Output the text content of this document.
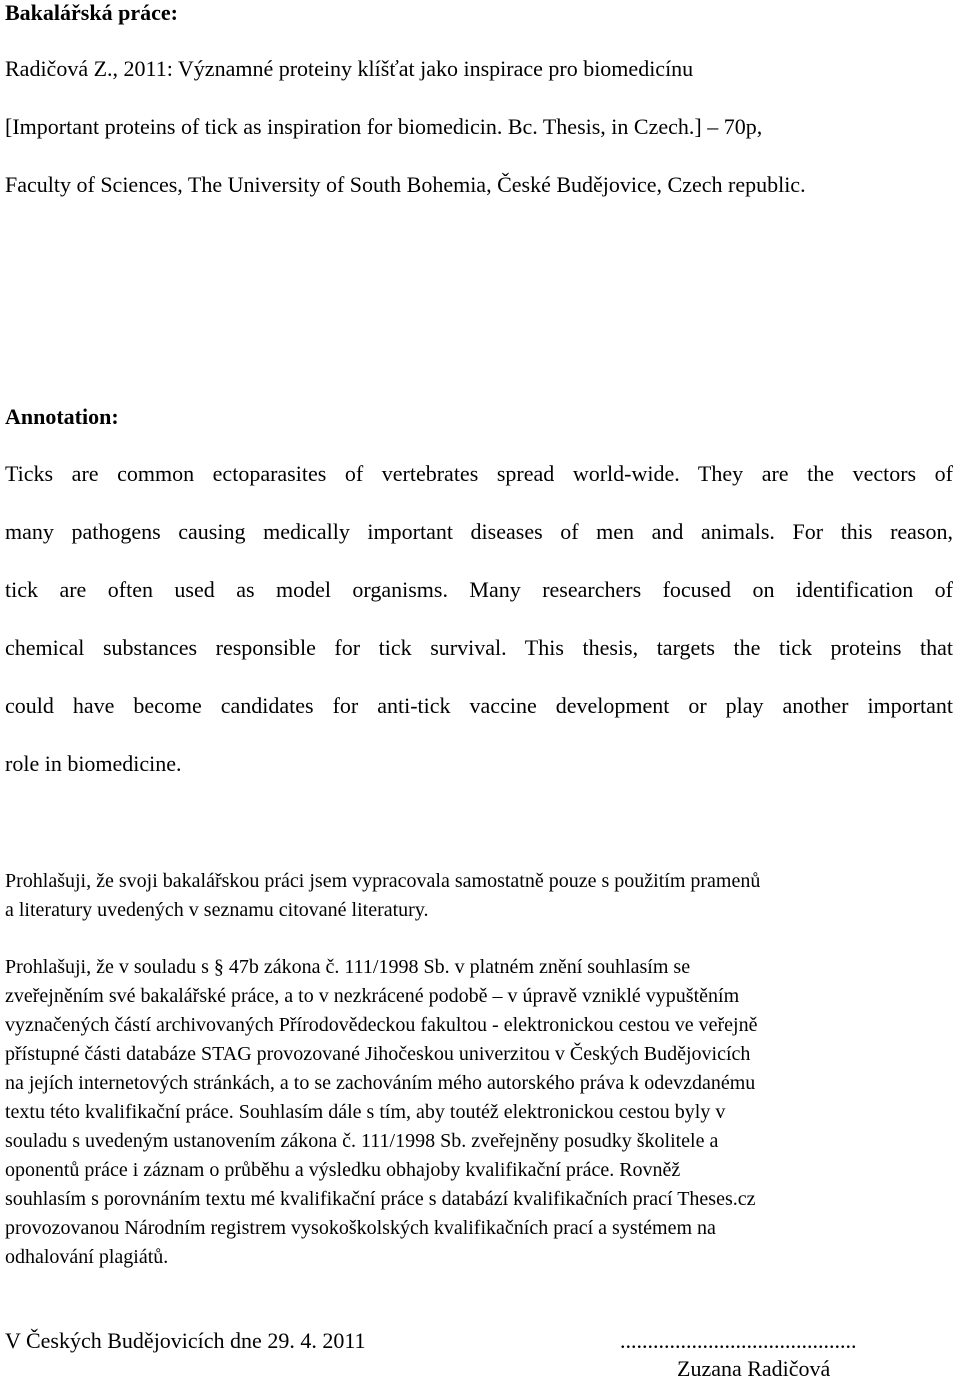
Bakalářská práce:
Radičová Z., 2011: Významné proteiny klíšťat jako inspirace pro biomedicínu
[Important proteins of tick as inspiration for biomedicin. Bc. Thesis, in Czech.] – 70p,
Faculty of Sciences, The University of South Bohemia, České Budějovice, Czech republic.
Annotation:
Ticks are common ectoparasites of vertebrates spread world-wide. They are the vectors of
many pathogens causing medically important diseases of men and animals. For this reason,
tick are often used as model organisms. Many researchers focused on identification of
chemical substances responsible for tick survival. This thesis, targets the tick proteins that
could have become candidates for anti-tick vaccine development or play another important
role in biomedicine.
Prohlašuji, že svoji bakalářskou práci jsem vypracovala samostatně pouze s použitím pramenů
a literatury uvedených v seznamu citované literatury.
Prohlašuji, že v souladu s § 47b zákona č. 111/1998 Sb. v platném znění souhlasím se
zveřejněním své bakalářské práce, a to v nezkrácené podobě – v úpravě vzniklé vypuštěním
vyznačených částí archivovaných Přírodovědeckou fakultou - elektronickou cestou ve veřejně
přístupné části databáze STAG provozované Jihočeskou univerzitou v Českých Budějovicích
na jejích internetových stránkách, a to se zachováním mého autorského práva k odevzdanému
textu této kvalifikační práce. Souhlasím dále s tím, aby toutéž elektronickou cestou byly v
souladu s uvedeným ustanovením zákona č. 111/1998 Sb. zveřejněny posudky školitele a
oponentů práce i záznam o průběhu a výsledku obhajoby kvalifikační práce. Rovněž
souhlasím s porovnáním textu mé kvalifikační práce s databází kvalifikačních prací Theses.cz
provozovanou Národním registrem vysokoškolských kvalifikačních prací a systémem na
odhalování plagiátů.
V Českých Budějovicích dne 29. 4. 2011	...........................................
Zuzana Radičová
